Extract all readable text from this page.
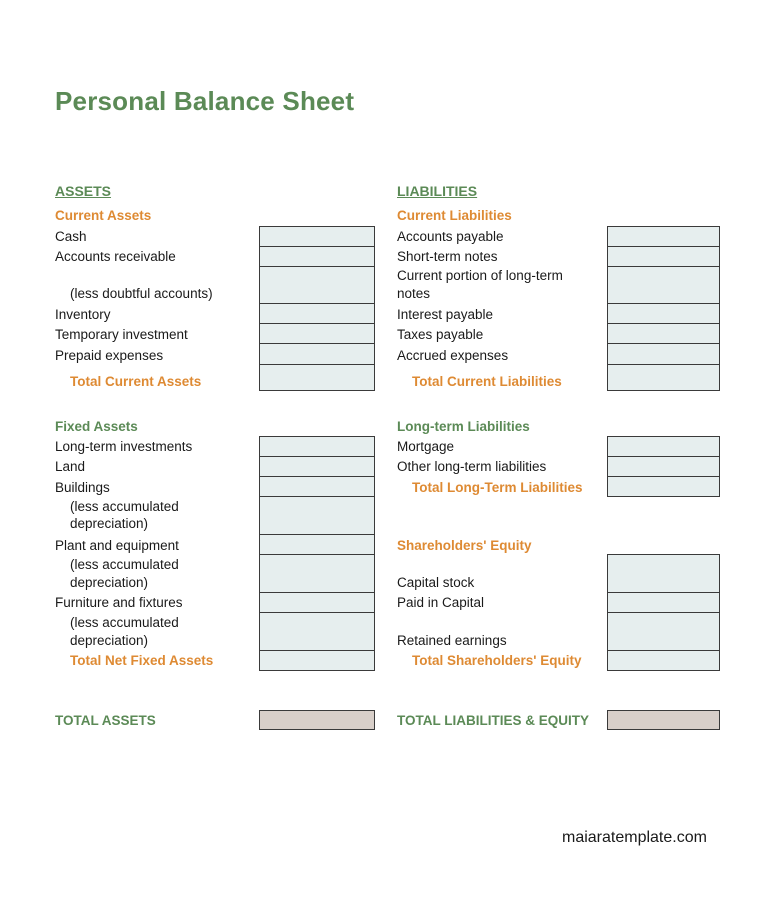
Personal Balance Sheet
ASSETS
Current Assets
Cash
Accounts receivable
(less doubtful accounts)
Inventory
Temporary investment
Prepaid expenses
Total Current Assets
Fixed Assets
Long-term investments
Land
Buildings
(less accumulated
depreciation)
Plant and equipment
(less accumulated
depreciation)
Furniture and fixtures
(less accumulated
depreciation)
Total Net Fixed Assets
TOTAL ASSETS
LIABILITIES
Current Liabilities
Accounts payable
Short-term notes
Current portion of long-term
notes
Interest payable
Taxes payable
Accrued expenses
Total Current Liabilities
Long-term Liabilities
Mortgage
Other long-term liabilities
Total Long-Term Liabilities
Shareholders' Equity
Capital stock
Paid in Capital
Retained earnings
Total Shareholders' Equity
TOTAL LIABILITIES & EQUITY
maiaratemplate.com
